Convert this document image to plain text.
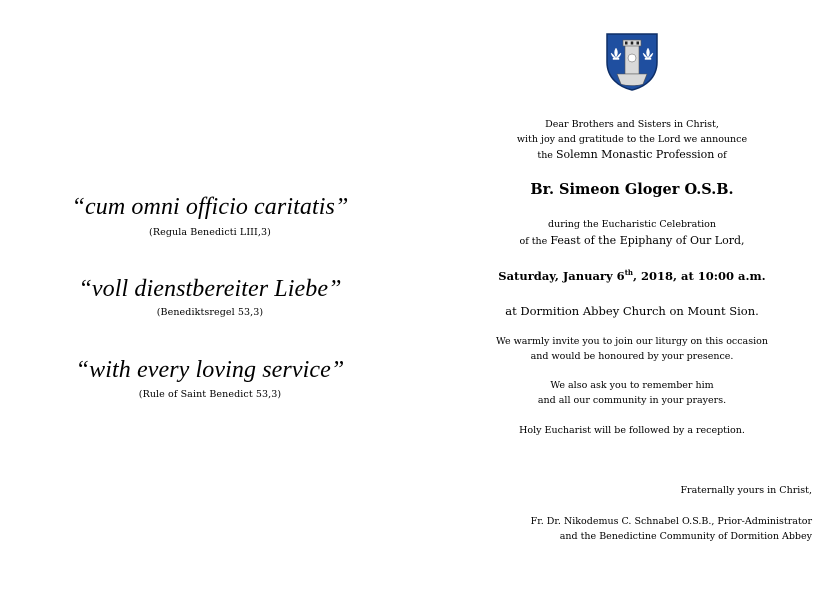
“cum omni officio caritatis”
(Regula Benedicti LIII,3)
“voll dienstbereiter Liebe”
(Benediktsregel 53,3)
“with every loving service”
(Rule of Saint Benedict 53,3)
Dear Brothers and Sisters in Christ,
with joy and gratitude to the Lord we announce
the Solemn Monastic Profession of
Br. Simeon Gloger O.S.B.
during the Eucharistic Celebration
of the Feast of the Epiphany of Our Lord,
Saturday, January 6th, 2018, at 10:00 a.m.
at Dormition Abbey Church on Mount Sion.
We warmly invite you to join our liturgy on this occasion
and would be honoured by your presence.
We also ask you to remember him
and all our community in your prayers.
Holy Eucharist will be followed by a reception.
Fraternally yours in Christ,
Fr. Dr. Nikodemus C. Schnabel O.S.B., Prior-Administrator
and the Benedictine Community of Dormition Abbey
